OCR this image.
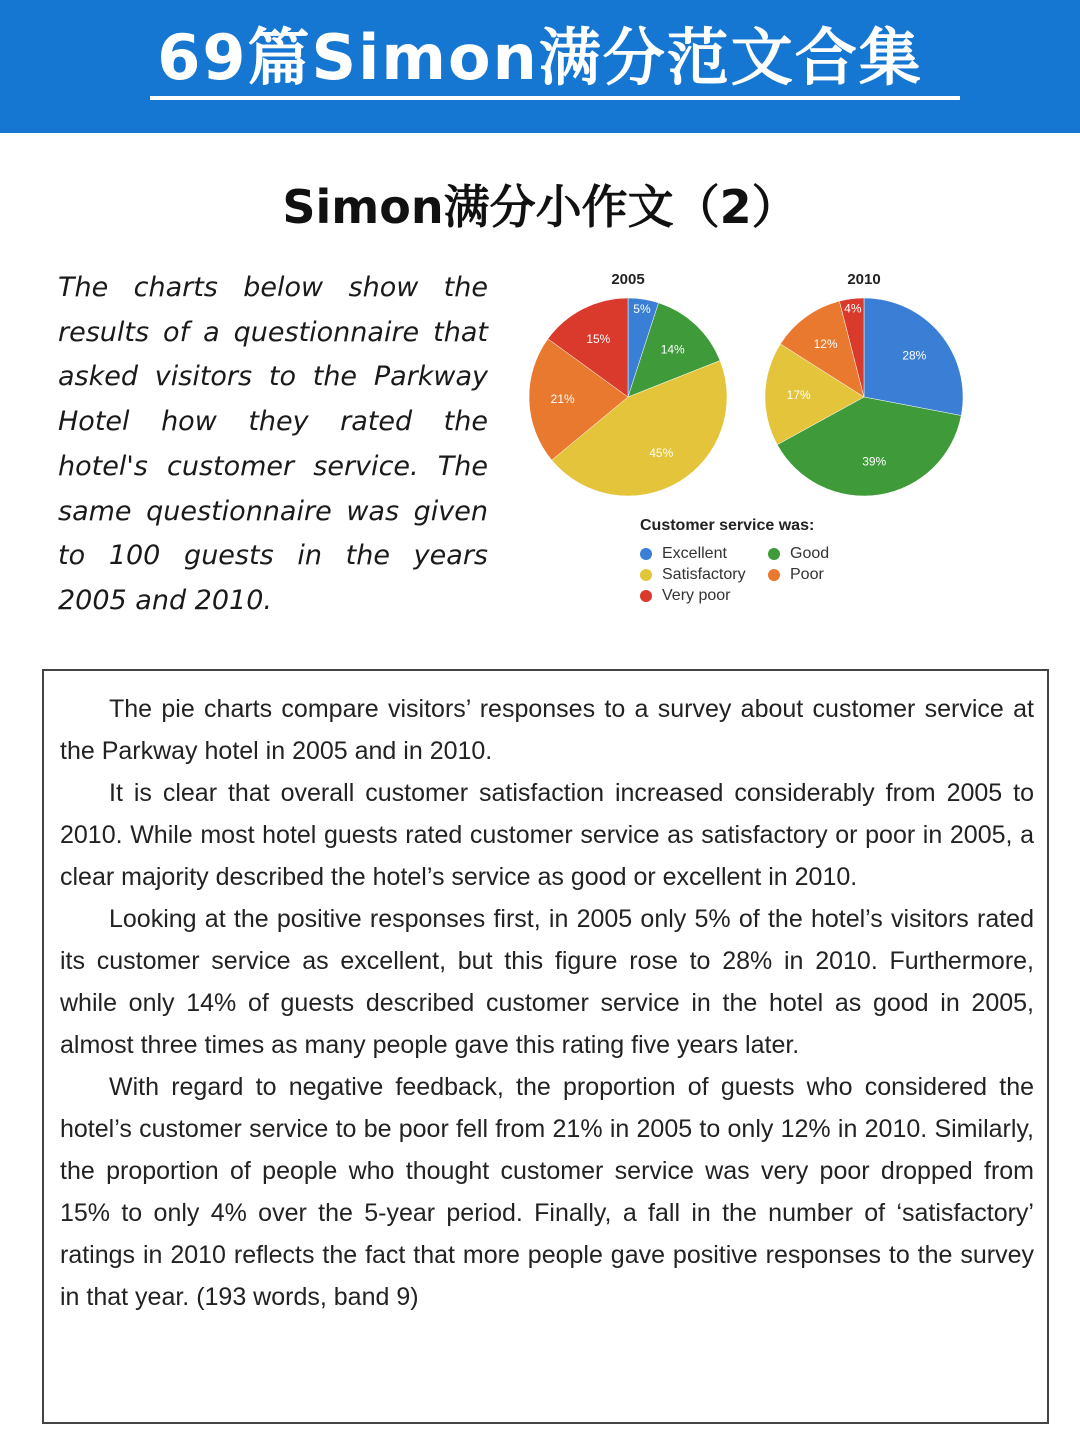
69篇Simon满分范文合集
Simon满分小作文（2）
The charts below show the results of a questionnaire that asked visitors to the Parkway Hotel how they rated the hotel's customer service. The same questionnaire was given to 100 guests in the years 2005 and 2010.
2005
5%
14%
45%
21%
15%
2010
28%
39%
17%
12%
4%
Customer service was:
Excellent	Good
Satisfactory	Poor
Very poor

The pie charts compare visitors’ responses to a survey about customer service at the Parkway hotel in 2005 and in 2010.

It is clear that overall customer satisfaction increased considerably from 2005 to 2010. While most hotel guests rated customer service as satisfactory or poor in 2005, a clear majority described the hotel’s service as good or excellent in 2010.

Looking at the positive responses first, in 2005 only 5% of the hotel’s visitors rated its customer service as excellent, but this figure rose to 28% in 2010. Furthermore, while only 14% of guests described customer service in the hotel as good in 2005, almost three times as many people gave this rating five years later.

With regard to negative feedback, the proportion of guests who considered the hotel’s customer service to be poor fell from 21% in 2005 to only 12% in 2010. Similarly, the proportion of people who thought customer service was very poor dropped from 15% to only 4% over the 5-year period. Finally, a fall in the number of ‘satisfactory’ ratings in 2010 reflects the fact that more people gave positive responses to the survey in that year. (193 words, band 9)
